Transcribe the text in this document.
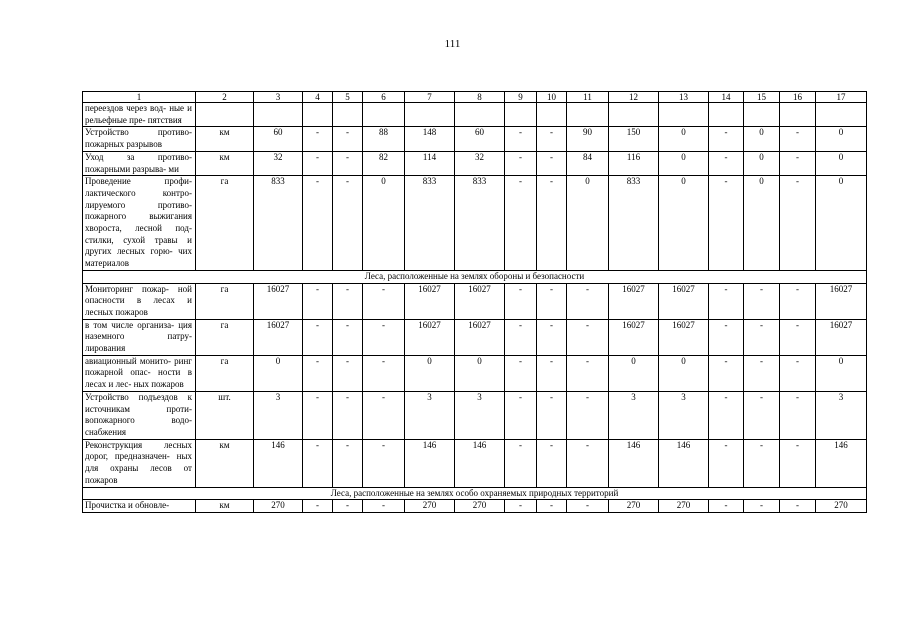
111
1	2	3	4	5	6	7	8	9	10	11	12	13	14	15	16	17
переездов через вод- ные и рельефные пре- пятствия																
Устройство противо- пожарных разрывов	км	60	-	-	88	148	60	-	-	90	150	0	-	0	-	0
Уход за противо- пожарными разрыва- ми	км	32	-	-	82	114	32	-	-	84	116	0	-	0	-	0
Проведение профи- лактического контро- лируемого противо- пожарного выжигания хвороста, лесной под- стилки, сухой травы и других лесных горю- чих материалов	га	833	-	-	0	833	833	-	-	0	833	0	-	0	-	0
Леса, расположенные на землях обороны и безопасности																
Мониторинг пожар- ной опасности в лесах и лесных пожаров	га	16027	-	-	-	16027	16027	-	-	-	16027	16027	-	-	-	16027
в том числе организа- ция наземного патру- лирования	га	16027	-	-	-	16027	16027	-	-	-	16027	16027	-	-	-	16027
авиационный монито- ринг пожарной опас- ности в лесах и лес- ных пожаров	га	0	-	-	-	0	0	-	-	-	0	0	-	-	-	0
Устройство подъездов к источникам проти- вопожарного водо- снабжения	шт.	3	-	-	-	3	3	-	-	-	3	3	-	-	-	3
Реконструкция лесных дорог, предназначен- ных для охраны лесов от пожаров	км	146	-	-	-	146	146	-	-	-	146	146	-	-	-	146
Леса, расположенные на землях особо охраняемых природных территорий																
Прочистка и обновле-	км	270	-	-	-	270	270	-	-	-	270	270	-	-	-	270
